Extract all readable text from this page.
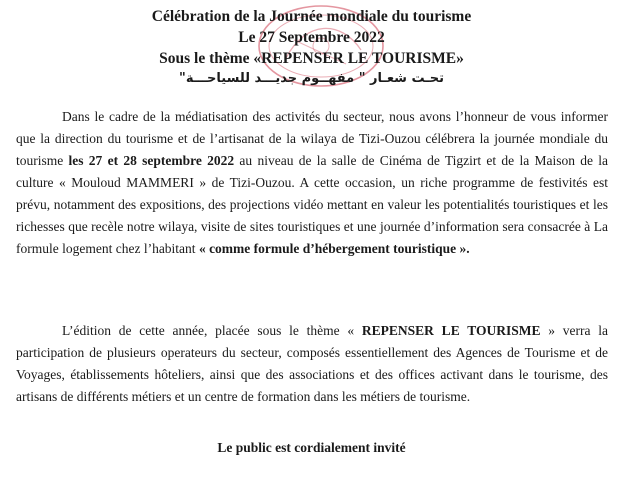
Célébration de la Journée mondiale du tourisme
Le 27 Septembre 2022
Sous le thème «REPENSER LE TOURISME»
تحـت شعـار " مفهــوم جديـــد للسياحـــة"
Dans le cadre de la médiatisation des activités du secteur, nous avons l’honneur de vous informer que la direction du tourisme et de l’artisanat de la wilaya de Tizi-Ouzou célébrera la journée mondiale du tourisme les 27 et 28 septembre 2022 au niveau de la salle de Cinéma de Tigzirt et de la Maison de la culture « Mouloud MAMMERI » de Tizi-Ouzou. A cette occasion, un riche programme de festivités est prévu, notamment des expositions, des projections vidéo mettant en valeur les potentialités touristiques et les richesses que recèle notre wilaya, visite de sites touristiques et une journée d’information sera consacrée à La formule logement chez l’habitant « comme formule d’hébergement touristique ».
L’édition de cette année, placée sous le thème « REPENSER LE TOURISME » verra la participation de plusieurs operateurs du secteur, composés essentiellement des Agences de Tourisme et de Voyages, établissements hôteliers, ainsi que des associations et des offices activant dans le tourisme, des artisans de différents métiers et un centre de formation dans les métiers de tourisme.
Le public est cordialement invité
